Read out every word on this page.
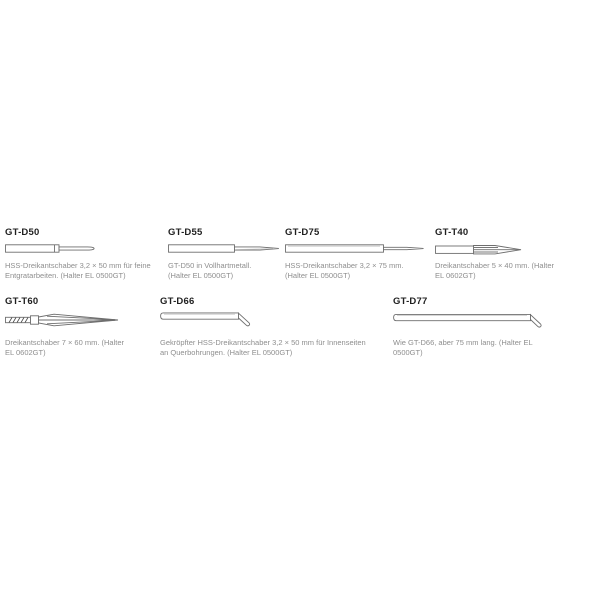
GT-D50
HSS-Dreikantschaber 3,2 × 50 mm für feine Entgratarbeiten. (Halter EL 0500GT)
GT-D55
GT-D50 in Vollhartmetall. (Halter EL 0500GT)
GT-D75
HSS-Dreikantschaber 3,2 × 75 mm. (Halter EL 0500GT)
GT-T40
Dreikantschaber 5 × 40 mm. (Halter EL 0602GT)
GT-T60
Dreikantschaber 7 × 60 mm. (Halter EL 0602GT)
GT-D66
Gekröpfter HSS-Dreikantschaber 3,2 × 50 mm für Innenseiten an Querbohrungen. (Halter EL 0500GT)
GT-D77
Wie GT-D66, aber 75 mm lang. (Halter EL 0500GT)
